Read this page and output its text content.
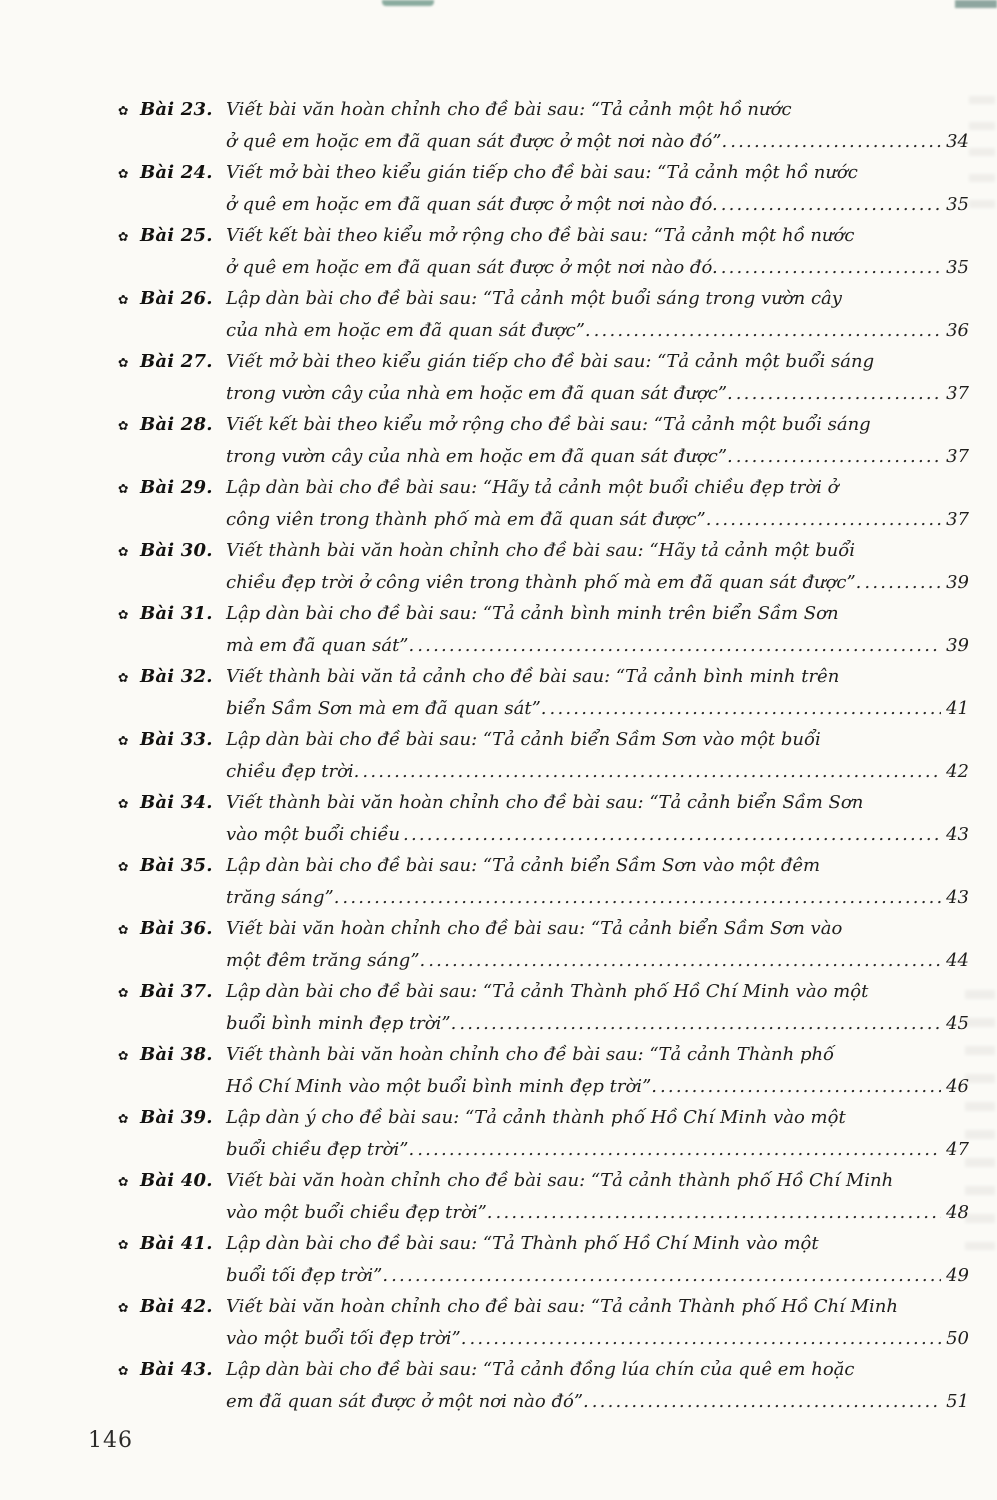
✿ Bài 23. Viết bài văn hoàn chỉnh cho đề bài sau: “Tả cảnh một hồ nước
ở quê em hoặc em đã quan sát được ở một nơi nào đó”. .....	34
✿ Bài 24. Viết mở bài theo kiểu gián tiếp cho đề bài sau: “Tả cảnh một hồ nước
ở quê em hoặc em đã quan sát được ở một nơi nào đó. .....	35
✿ Bài 25. Viết kết bài theo kiểu mở rộng cho đề bài sau: “Tả cảnh một hồ nước
ở quê em hoặc em đã quan sát được ở một nơi nào đó. .....	35
✿ Bài 26. Lập dàn bài cho đề bài sau: “Tả cảnh một buổi sáng trong vườn cây
của nhà em hoặc em đã quan sát được”. .....	36
✿ Bài 27. Viết mở bài theo kiểu gián tiếp cho đề bài sau: “Tả cảnh một buổi sáng
trong vườn cây của nhà em hoặc em đã quan sát được”. .....	37
✿ Bài 28. Viết kết bài theo kiểu mở rộng cho đề bài sau: “Tả cảnh một buổi sáng
trong vườn cây của nhà em hoặc em đã quan sát được”. .....	37
✿ Bài 29. Lập dàn bài cho đề bài sau: “Hãy tả cảnh một buổi chiều đẹp trời ở
công viên trong thành phố mà em đã quan sát được”. .....	37
✿ Bài 30. Viết thành bài văn hoàn chỉnh cho đề bài sau: “Hãy tả cảnh một buổi
chiều đẹp trời ở công viên trong thành phố mà em đã quan sát được”. .....	39
✿ Bài 31. Lập dàn bài cho đề bài sau: “Tả cảnh bình minh trên biển Sầm Sơn
mà em đã quan sát”. .....	39
✿ Bài 32. Viết thành bài văn tả cảnh cho đề bài sau: “Tả cảnh bình minh trên
biển Sầm Sơn mà em đã quan sát”. .....	41
✿ Bài 33. Lập dàn bài cho đề bài sau: “Tả cảnh biển Sầm Sơn vào một buổi
chiều đẹp trời. .....	42
✿ Bài 34. Viết thành bài văn hoàn chỉnh cho đề bài sau: “Tả cảnh biển Sầm Sơn
vào một buổi chiều .....	43
✿ Bài 35. Lập dàn bài cho đề bài sau: “Tả cảnh biển Sầm Sơn vào một đêm
trăng sáng”. .....	43
✿ Bài 36. Viết bài văn hoàn chỉnh cho đề bài sau: “Tả cảnh biển Sầm Sơn vào
một đêm trăng sáng”. .....	44
✿ Bài 37. Lập dàn bài cho đề bài sau: “Tả cảnh Thành phố Hồ Chí Minh vào một
buổi bình minh đẹp trời”. .....	45
✿ Bài 38. Viết thành bài văn hoàn chỉnh cho đề bài sau: “Tả cảnh Thành phố
Hồ Chí Minh vào một buổi bình minh đẹp trời”. .....	46
✿ Bài 39. Lập dàn ý cho đề bài sau: “Tả cảnh thành phố Hồ Chí Minh vào một
buổi chiều đẹp trời”. .....	47
✿ Bài 40. Viết bài văn hoàn chỉnh cho đề bài sau: “Tả cảnh thành phố Hồ Chí Minh
vào một buổi chiều đẹp trời”. .....	48
✿ Bài 41. Lập dàn bài cho đề bài sau: “Tả Thành phố Hồ Chí Minh vào một
buổi tối đẹp trời”. .....	49
✿ Bài 42. Viết bài văn hoàn chỉnh cho đề bài sau: “Tả cảnh Thành phố Hồ Chí Minh
vào một buổi tối đẹp trời”. .....	50
✿ Bài 43. Lập dàn bài cho đề bài sau: “Tả cảnh đồng lúa chín của quê em hoặc
em đã quan sát được ở một nơi nào đó”. .....	51
146
